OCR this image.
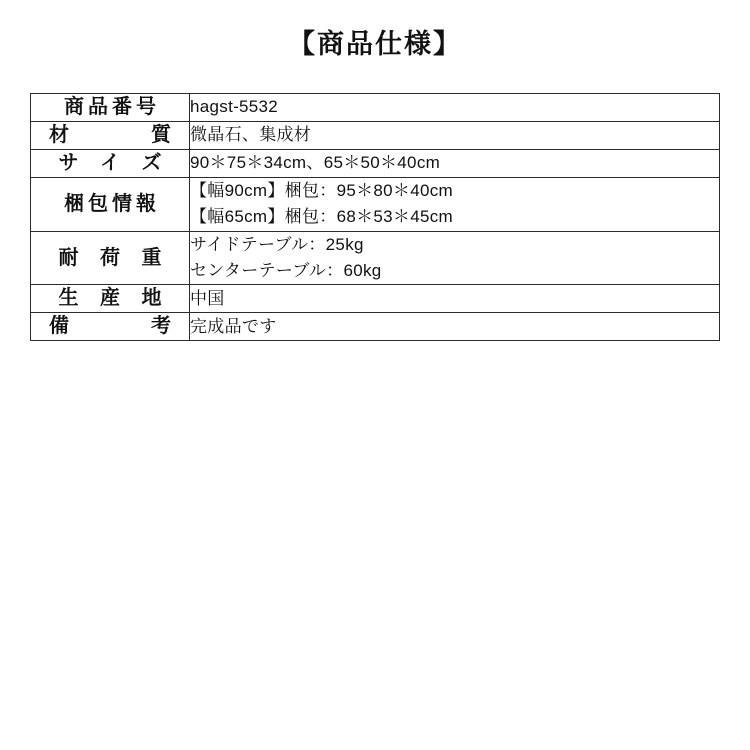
【商品仕様】
商品番号	hagst-5532

材　　質	微晶石、集成材

サ イ ズ	90＊75＊34cm、65＊50＊40cm

梱包情報	【幅90cm】梱包：95＊80＊40cm
【幅65cm】梱包：68＊53＊45cm

耐 荷 重	サイドテーブル：25kg
センターテーブル：60kg

生 産 地	中国

備　　考	完成品です
